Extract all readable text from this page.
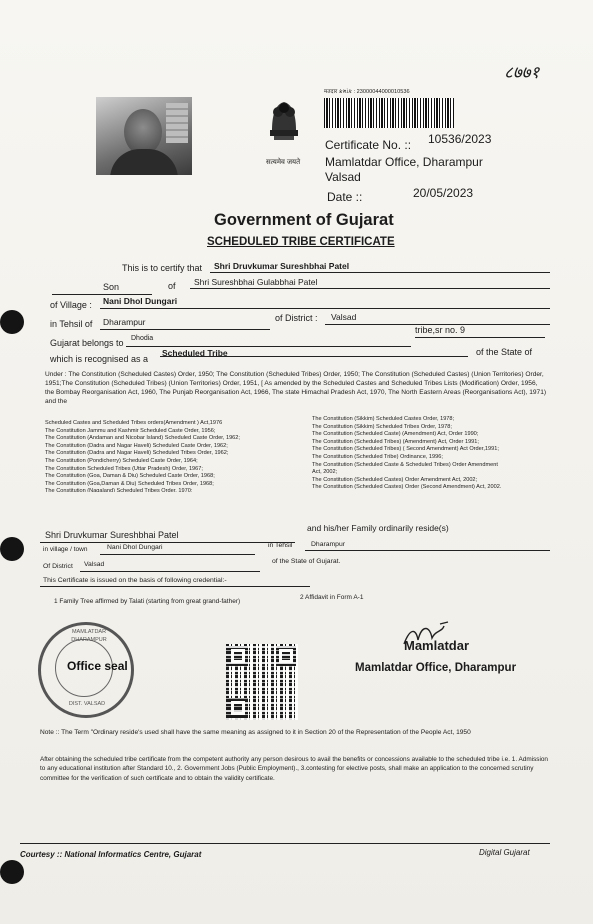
८७७१
सत्यमेव जयते
मतदार ક્રમાંક : 23000044000010536
Certificate No. :: 10536/2023
Mamlatdar Office, Dharampur
Valsad
Date ::	20/05/2023
Government of Gujarat
SCHEDULED TRIBE CERTIFICATE
This is to certify that Shri Druvkumar Sureshbhai Patel
Son	of Shri Sureshbhai Gulabbhai Patel
of Village : Nani Dhol Dungari
in Tehsil of Dharampur	of District : Valsad
Gujarat belongs to Dhodia
tribe,sr no. 9
which is recognised as a
Scheduled Tribe	of the State of
Under : The Constitution (Scheduled Castes) Order, 1950; The Constitution (Scheduled Tribes) Order, 1950; The Constitution (Scheduled Castes) (Union Territories) Order, 1951;The Constitution (Scheduled Tribes) (Union Territories) Order, 1951, [ As amended by the Scheduled Castes and Scheduled Tribes Lists (Modification) Order, 1956, the Bombay Reorganisation Act, 1960, The Punjab Reorganisation Act, 1966, The state Himachal Pradesh Act, 1970, The North Eastern Areas (Reorganisations Act), 1971) and the
Scheduled Castes and Scheduled Tribes orders(Amendment ) Act,1976
The Constitution Jammu and Kashmir Scheduled Caste Order, 1956;
The Constitution (Andaman and Nicobar Island) Scheduled Caste Order, 1962;
The Constitution (Dadra and Nagar Haveli) Scheduled Caste Order, 1962;
The Constitution (Dadra and Nagar Haveli) Scheduled Tribes Order, 1962;
The Constitution (Pondicherry) Scheduled Caste Order, 1964;
The Constitution Scheduled Tribes (Uttar Pradesh) Order, 1967;
The Constitution (Goa, Daman & Diu) Scheduled Caste Order, 1968;
The Constitution (Goa,Daman & Diu) Scheduled Tribes Order, 1968;
The Constitution (Nagaland) Scheduled Tribes Order, 1970;
The Constitution (Sikkim) Scheduled Castes Order, 1978;
The Constitution (Sikkim) Scheduled Tribes Order, 1978;
The Constitution (Scheduled Caste) (Amendment) Act, Order 1990;
The Constitution (Scheduled Tribes) (Amendment) Act, Order 1991;
The Constitution (Scheduled Tribes) ( Second Amendment) Act Order,1991;
The Constitution (Scheduled Tribe) Ordinance, 1996;
The Constitution (Scheduled Caste & Scheduled Tribes) Order Amendment
Act, 2002;
The Constitution (Scheduled Castes) Order Amendment Act, 2002;
The Constitution (Scheduled Castes) Order (Second Amendment) Act, 2002.
Shri Druvkumar Sureshbhai Patel
and his/her Family ordinarily reside(s)
in village / town	Nani Dhol Dungari	in Tehsil	Dharampur
Of District Valsad	of the State of Gujarat.
This Certificate is issued on the basis of following credential:-
1 Family Tree affirmed by Talati (starting from great grand-father)
2 Affidavit in Form A-1
MAMLATDAR DHARAMPUR
Office seal
DIST. VALSAD
Mamlatdar
Mamlatdar Office, Dharampur
Note :: The Term "Ordinary reside's used shall have the same meaning as assigned to it in Section 20 of the Representation of the People Act, 1950
After obtaining the scheduled tribe certificate from the competent authority any person desirous to avail the benefits or concessions available to the scheduled tribe i.e. 1. Admission to any educational institution after Standard 10., 2. Government Jobs (Public Employment)., 3.contesting for elective posts, shall make an application to the concerned scrutiny committee for the verification of such certificate and to obtain the validity certificate.
Courtesy :: National Informatics Centre, Gujarat	Digital Gujarat
